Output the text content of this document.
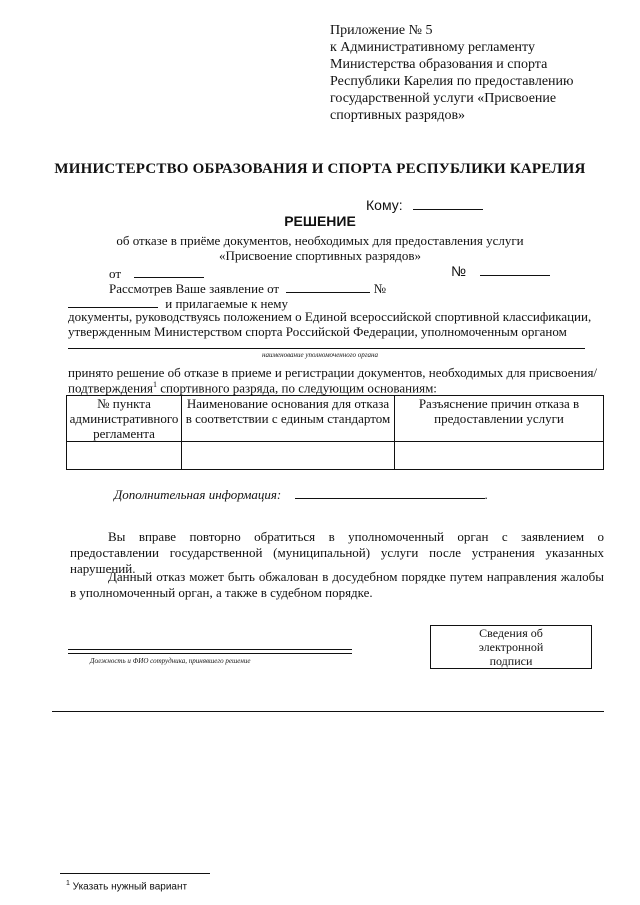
Приложение № 5
к Административному регламенту
Министерства образования и спорта
Республики Карелия по предоставлению
государственной услуги «Присвоение
спортивных разрядов»
МИНИСТЕРСТВО ОБРАЗОВАНИЯ И СПОРТА РЕСПУБЛИКИ КАРЕЛИЯ
Кому:
РЕШЕНИЕ
об отказе в приёме документов, необходимых для предоставления услуги
«Присвоение спортивных разрядов»
от	№
Рассмотрев Ваше заявление от	№
и прилагаемые к нему
документы, руководствуясь положением о Единой всероссийской спортивной классификации,
утвержденным Министерством спорта Российской Федерации, уполномоченным органом
наименование уполномоченного органа
принято решение об отказе в приеме и регистрации документов, необходимых для присвоения/
подтверждения$^1$ спортивного разряда, по следующим основаниям:
№ пункта административного регламента	Наименование основания для отказа в соответствии с единым стандартом	Разъяснение причин отказа в предоставлении услуги

Дополнительная информация:	.
Вы вправе повторно обратиться в уполномоченный орган с заявлением о предоставлении государственной (муниципальной) услуги после устранения указанных нарушений.
Данный отказ может быть обжалован в досудебном порядке путем направления жалобы в уполномоченный орган, а также в судебном порядке.
Должность и ФИО сотрудника, принявшего решение
Сведения об
электронной
подписи
$^1$ Указать нужный вариант
